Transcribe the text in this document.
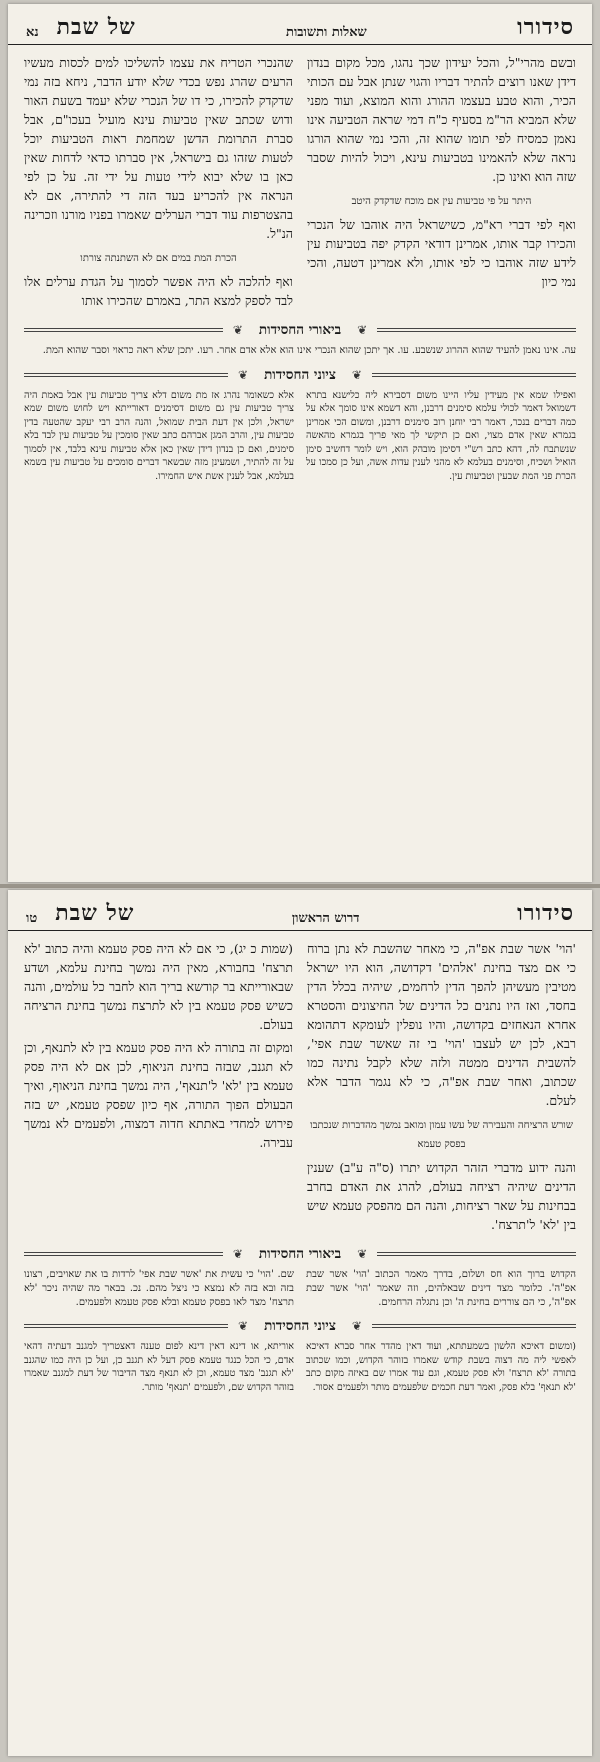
סידורו
שאלות ותשובות
של שבת
נא

ובשם מהרי"ל, והכל יעידון שכך נהגו, מכל מקום בנדון דידן שאנו רוצים להתיר דבריו והגוי שנתן אבל עם הכותי הכיר, והוא טבע בעצמו ההורג והוא המוצא, ועוד מפני שלא המביא הר"מ בסעיף כ"ח דמי שראה הטביעה אינו נאמן כמסיח לפי תומו שהוא זה, והכי נמי שהוא הורגו נראה שלא להאמינו בטביעות עינא, ויכול להיות שסבר שזה הוא ואינו כן.

היתר על פי טביעות עין אם מוכח שדקדק היטב

ואף לפי דברי רא"מ, כשישראל היה אוהבו של הנכרי והכירו קבר אותו, אמרינן דודאי הקדק יפה בטביעות עין לידע שזה אוהבו כי לפי אותו, ולא אמרינן דטעה, והכי נמי כיון

שהנכרי הטריח את עצמו להשליכו למים לכסות מעשיו הרעים שהרג נפש בכדי שלא יודע הדבר, ניחא בזה נמי שדקדק להכירו, כי דו של הנכרי שלא יעמד בשעת האור ודוש שכתב שאין טביעות עינא מועיל בעכו"ם, אבל סברת התרומת הדשן שמחמת ראות הטביעות יוכל לטעות שזהו גם בישראל, אין סברתו כדאי לדחות שאין כאן בו שלא יבוא לידי טעות על ידי זה. על כן לפי הנראה אין להכריע בעד הזה די להתירה, אם לא בהצטרפות עוד דברי הערלים שאמרו בפניו מורנו וזכרינה הנ"ל.

הכרת המת במים אם לא השתנתה צורתו

ואף להלכה לא היה אפשר לסמוך על הגדת ערלים אלו לבד לספק למצא התר, באמרם שהכירו אותו

❦
ביאורי החסידות
❦
עה. אינו נאמן להעיד שהוא ההרוג שנשבע. עו. אך יתכן שהוא הנכרי אינו הוא אלא אדם אחר. רעו. יתכן שלא ראה כראוי וסבר שהוא המת.
❦
ציוני החסידות
❦
ואפילו שמא אין מעידין עליו היינו משום דסבירא ליה כלישנא בתרא דשמואל דאמר לכולי עלמא סימנים דרבנן, והא דשמא אינו סומך אלא על כמה דברים בנכר, דאמר רבי יוחנן רוב סימנים דרבנן, ומשום הכי אמרינן בגמרא שאין אדם מצוי, ואם כן תיקשי לך מאי פריך בגמרא מהאשה שנשתבח לה, דהא כתב רש"י דסימן מובהק הוא, ויש לומר דחשיב סימן הואיל ושכיח, וסימנים בעלמא לא מהני לענין עדות אשה, ועל כן סמכו על הכרת פני המת שבעין וטביעות עין.
אלא כשאומר נהרג אז מת משום דלא צריך טביעות עין אבל באמת היה צריך טביעות עין גם משום דסימנים דאורייתא ויש לחוש משום שמא ישראל, ולכן אין דעת הבית שמואל, והנה הרב רבי יעקב שהטעה בדין טביעות עין, והרב המגן אברהם כתב שאין סומכין על טביעות עין לבד בלא סימנים, ואם כן בנדון דידן שאין כאן אלא טביעות עינא בלבד, אין לסמוך על זה להתיר, ושמעינן מזה שבשאר דברים סומכים על טביעות עין בשמא בעלמא, אבל לענין אשת איש החמירו.
סידורו
דרוש הראשון
של שבת
טו

'הוי' אשר שבת אפ"ה, כי מאחר שהשבת לא נתן ברוח כי אם מצד בחינת 'אלהים' דקדושה, הוא היו ישראל מטיבין מעשיהן להפך הדין לרחמים, שיהיה בכלל הדין בחסד, ואז היו נתנים כל הדינים של החיצונים והסטרא אחרא הנאחזים בקדושה, והיו נופלין לעומקא דתהומא רבא, לכן יש לעצבו 'הוי' בי זה שאשר שבת אפי', להשבית הדינים ממטה ולזה שלא לקבל נתינה כמו שכתוב, ואחר שבת אפ"ה, כי לא נגמר הדבר אלא לעלם.

שורש הרציחה והעבירה של עשו עמון ומואב נמשך מהדברות שנכתבו בפסק טעמא

והנה ידוע מדברי הזהר הקדוש יתרו (ס"ה ע"ב) שענין הדינים שיהיה רציחה בעולם, להרג את האדם בחרב בבחינות על שאר רציחות, והנה הם מהפסק טעמא שיש בין 'לא' ל'תרצח'.

(שמות כ יג), כי אם לא היה פסק טעמא והיה כתוב 'לא תרצח' בחבורא, מאין היה נמשך בחינת עלמא, ושדע שבאורייתא בר קודשא בריך הוא לחבר כל עולמים, והנה כשיש פסק טעמא בין לא לתרצח נמשך בחינת הרציחה בעולם.

ומקום זה בתורה לא היה פסק טעמא בין לא לתנאף, וכן לא תגנב, שבזה בחינת הניאוף, לכן אם לא היה פסק טעמא בין 'לא' ל'תנאף', היה נמשך בחינת הניאוף, ואיך הבעולם הפוך התורה, אף כיון שפסק טעמא, יש בזה פירוש למחדי באתתא חדוה דמצוה, ולפעמים לא נמשך עבירה.

❦
ביאורי החסידות
❦
הקדוש ברוך הוא חס ושלום, בדרך מאמר הכתוב 'הוי' אשר שבת אפ"ה'. כלומר מצד דינים שבאלהים, וזה שאמר 'הוי' אשר שבת אפ"ה', כי הם צוררים בחינת ה' וכן נתגלה הרחמים.
שם. 'הוי' כי עשית את 'אשר שבת אפי' לרדות בו את שאויבים, רצונו בזה ובא בזה לא נמצא כי ניצל מהם. נכ. בבאר מה שהיה ניכר 'לא תרצח' מצד לאו בפסק טעמא ובלא פסק טעמא ולפעמים.
❦
ציוני החסידות
❦
(ומשום דאיכא הלשון בשמעתתא, ועוד דאין מהדר אחר סברא דאיכא לאפשי ליה מה דצוה בשבת קודש שאמרו בזוהר הקדוש, וכמו שכתוב בתורה 'לא תרצח' ולא פסק טעמא, וגם עוד אמרו שם באיזה מקום כתב 'לא תנאף' בלא פסק, ואמר דעת חכמים שלפעמים מותר ולפעמים אסור.
אוריתא, או דינא דאין דינא לפום טענה דאצטריך למגנב דעתיה דהאי אדם, כי הכל כנגד טעמא פסק דעל לא תגנב כן, ועל כן היה כמו שהגנב 'לא תגנב' מצד טעמא, וכן לא תנאף מצד הדיבור של דעת למגנב שאמרו בזוהר הקדוש שם, ולפעמים 'תנאף' מותר.
